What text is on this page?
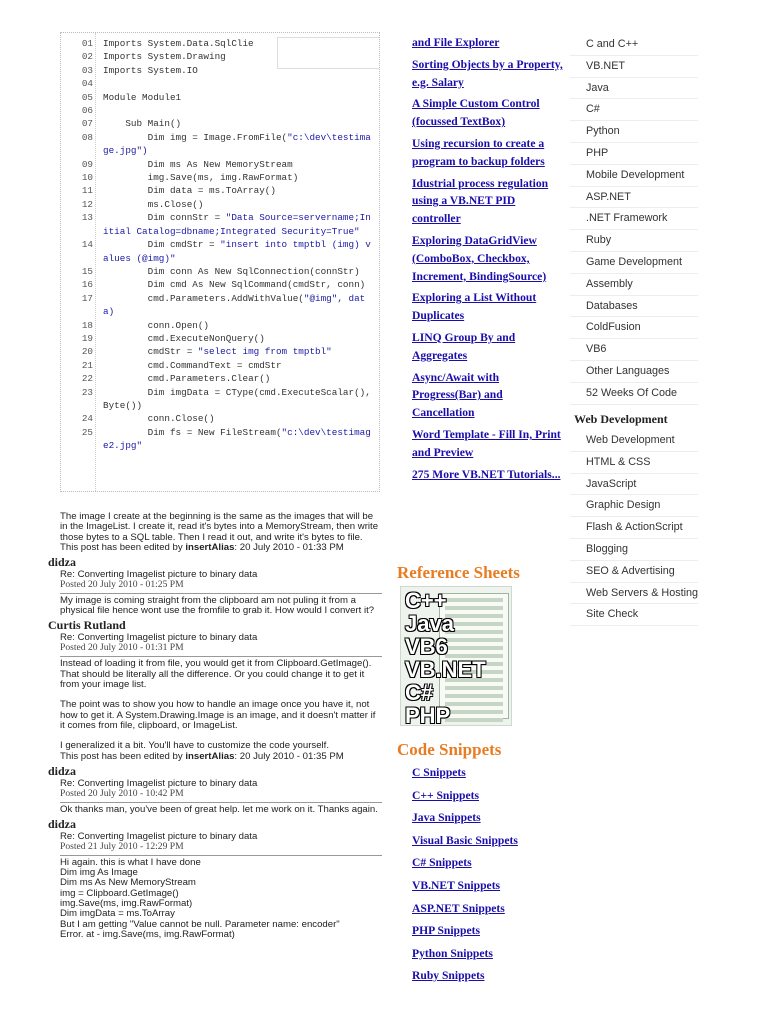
01	Imports System.Data.SqlClie
02	Imports System.Drawing
03	Imports System.IO
04
05	Module Module1
06
07	Sub Main()
08	Dim img = Image.FromFile("c:\dev\testimage.jpg")
09	Dim ms As New MemoryStream
10	img.Save(ms, img.RawFormat)
11	Dim data = ms.ToArray()
12	ms.Close()
13	Dim connStr = "Data Source=servername;Initial Catalog=dbname;Integrated Security=True"
14	Dim cmdStr = "insert into tmptbl (img) values (@img)"
15	Dim conn As New SqlConnection(connStr)
16	Dim cmd As New SqlCommand(cmdStr, conn)
17	cmd.Parameters.AddWithValue("@img", data)
18	conn.Open()
19	cmd.ExecuteNonQuery()
20	cmdStr = "select img from tmptbl"
21	cmd.CommandText = cmdStr
22	cmd.Parameters.Clear()
23	Dim imgData = CType(cmd.ExecuteScalar(), Byte())
24	conn.Close()
25	Dim fs = New FileStream("c:\dev\testimage2.jpg"

The image I create at the beginning is the same as the images that will be in the ImageList. I create it, read it's bytes into a MemoryStream, then write those bytes to a SQL table. Then I read it out, and write it's bytes to file.

This post has been edited by insertAlias: 20 July 2010 - 01:33 PM
didza
Re: Converting Imagelist picture to binary data
Posted 20 July 2010 - 01:25 PM

My image is coming straight from the clipboard am not puling it from a physical file hence wont use the fromfile to grab it. How would I convert it?

Curtis Rutland
Re: Converting Imagelist picture to binary data
Posted 20 July 2010 - 01:31 PM

Instead of loading it from file, you would get it from Clipboard.GetImage(). That should be literally all the difference. Or you could change it to get it from your image list.

The point was to show you how to handle an image once you have it, not how to get it. A System.Drawing.Image is an image, and it doesn't matter if it comes from file, clipboard, or ImageList.

I generalized it a bit. You'll have to customize the code yourself.

This post has been edited by insertAlias: 20 July 2010 - 01:35 PM
didza
Re: Converting Imagelist picture to binary data
Posted 20 July 2010 - 10:42 PM

Ok thanks man, you've been of great help. let me work on it. Thanks again.

didza
Re: Converting Imagelist picture to binary data
Posted 21 July 2010 - 12:29 PM

Hi again. this is what I have done

Dim img As Image

Dim ms As New MemoryStream

img = Clipboard.GetImage()

img.Save(ms, img.RawFormat)

Dim imgData = ms.ToArray

But I am getting "Value cannot be null. Parameter name: encoder"

Error. at - img.Save(ms, img.RawFormat)

and File Explorer
Sorting Objects by a Property, e.g. Salary
A Simple Custom Control (focussed TextBox)
Using recursion to create a program to backup folders
Idustrial process regulation using a VB.NET PID controller
Exploring DataGridView (ComboBox, Checkbox, Increment, BindingSource)
Exploring a List Without Duplicates
LINQ Group By and Aggregates
Async/Await with Progress(Bar) and Cancellation
Word Template - Fill In, Print and Preview
275 More VB.NET Tutorials...
Reference Sheets
C++
Java
VB6
VB.NET
C#
PHP
Code Snippets
C Snippets
C++ Snippets
Java Snippets
Visual Basic Snippets
C# Snippets
VB.NET Snippets
ASP.NET Snippets
PHP Snippets
Python Snippets
Ruby Snippets
C and C++
VB.NET
Java
C#
Python
PHP
Mobile Development
ASP.NET
.NET Framework
Ruby
Game Development
Assembly
Databases
ColdFusion
VB6
Other Languages
52 Weeks Of Code
Web Development
Web Development
HTML & CSS
JavaScript
Graphic Design
Flash & ActionScript
Blogging
SEO & Advertising
Web Servers & Hosting
Site Check
